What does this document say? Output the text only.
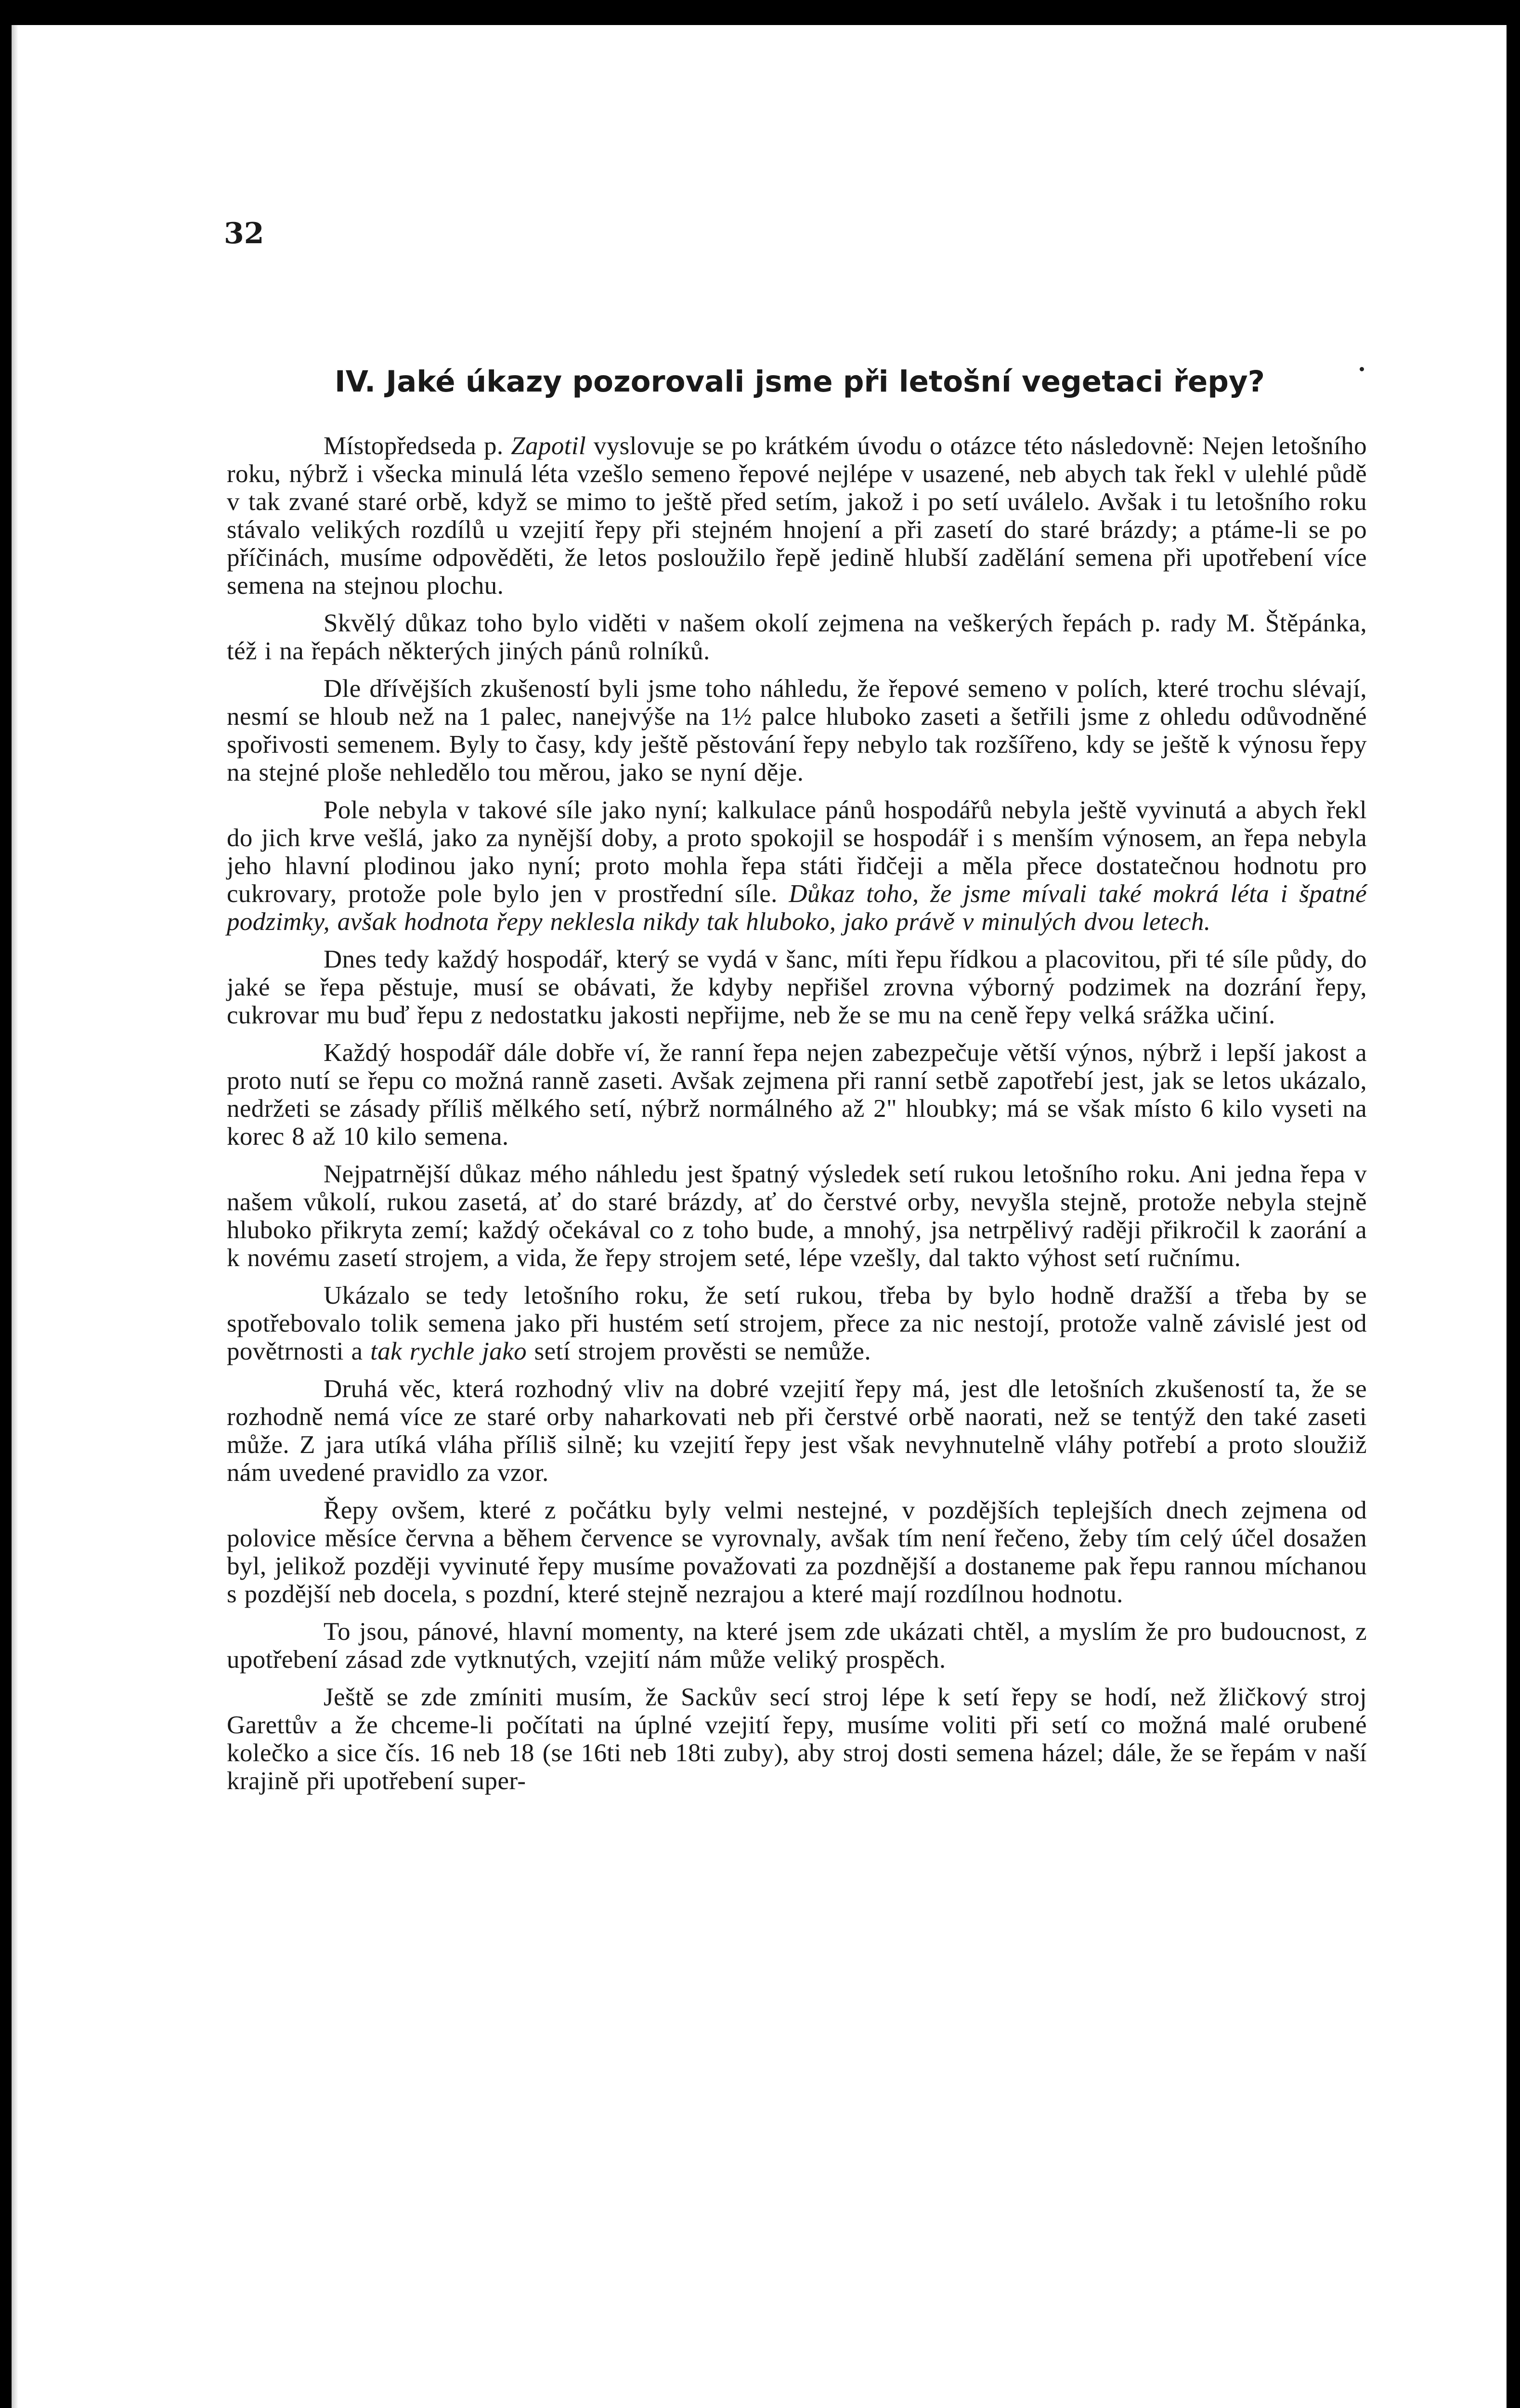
32
IV. Jaké úkazy pozorovali jsme při letošní vegetaci řepy?

Místopředseda p. Zapotil vyslovuje se po krátkém úvodu o otázce této následovně: Nejen letošního roku, nýbrž i všecka minulá léta vzešlo semeno řepové nejlépe v usazené, neb abych tak řekl v ulehlé půdě v tak zvané staré orbě, když se mimo to ještě před setím, jakož i po setí uválelo. Avšak i tu letošního roku stávalo velikých rozdílů u vzejití řepy při stejném hnojení a při zasetí do staré brázdy; a ptáme-li se po příčinách, musíme odpověděti, že letos posloužilo řepě jedině hlubší zadělání semena při upotřebení více semena na stejnou plochu.

Skvělý důkaz toho bylo viděti v našem okolí zejmena na veškerých řepách p. rady M. Štěpánka, též i na řepách některých jiných pánů rolníků.

Dle dřívějších zkušeností byli jsme toho náhledu, že řepové semeno v polích, které trochu slévají, nesmí se hloub než na 1 palec, nanejvýše na 1½ palce hluboko zaseti a šetřili jsme z ohledu odůvodněné spořivosti semenem. Byly to časy, kdy ještě pěstování řepy nebylo tak rozšířeno, kdy se ještě k výnosu řepy na stejné ploše nehledělo tou měrou, jako se nyní děje.

Pole nebyla v takové síle jako nyní; kalkulace pánů hospodářů nebyla ještě vyvinutá a abych řekl do jich krve vešlá, jako za nynější doby, a proto spokojil se hospodář i s menším výnosem, an řepa nebyla jeho hlavní plodinou jako nyní; proto mohla řepa státi řidčeji a měla přece dostatečnou hodnotu pro cukrovary, protože pole bylo jen v prostřední síle. Důkaz toho, že jsme mívali také mokrá léta i špatné podzimky, avšak hodnota řepy neklesla nikdy tak hluboko, jako právě v minulých dvou letech.

Dnes tedy každý hospodář, který se vydá v šanc, míti řepu řídkou a placovitou, při té síle půdy, do jaké se řepa pěstuje, musí se obávati, že kdyby nepřišel zrovna výborný podzimek na dozrání řepy, cukrovar mu buď řepu z nedostatku jakosti nepřijme, neb že se mu na ceně řepy velká srážka učiní.

Každý hospodář dále dobře ví, že ranní řepa nejen zabezpečuje větší výnos, nýbrž i lepší jakost a proto nutí se řepu co možná ranně zaseti. Avšak zejmena při ranní setbě zapotřebí jest, jak se letos ukázalo, nedržeti se zásady příliš mělkého setí, nýbrž normálného až 2" hloubky; má se však místo 6 kilo vyseti na korec 8 až 10 kilo semena.

Nejpatrnější důkaz mého náhledu jest špatný výsledek setí rukou letošního roku. Ani jedna řepa v našem vůkolí, rukou zasetá, ať do staré brázdy, ať do čerstvé orby, nevyšla stejně, protože nebyla stejně hluboko přikryta zemí; každý očekával co z toho bude, a mnohý, jsa netrpělivý raději přikročil k zaorání a k novému zasetí strojem, a vida, že řepy strojem seté, lépe vzešly, dal takto výhost setí ručnímu.

Ukázalo se tedy letošního roku, že setí rukou, třeba by bylo hodně dražší a třeba by se spotřebovalo tolik semena jako při hustém setí strojem, přece za nic nestojí, protože valně závislé jest od povětrnosti a tak rychle jako setí strojem prověsti se nemůže.

Druhá věc, která rozhodný vliv na dobré vzejití řepy má, jest dle letošních zkušeností ta, že se rozhodně nemá více ze staré orby naharkovati neb při čerstvé orbě naorati, než se tentýž den také zaseti může. Z jara utíká vláha příliš silně; ku vzejití řepy jest však nevyhnutelně vláhy potřebí a proto sloužiž nám uvedené pravidlo za vzor.

Řepy ovšem, které z počátku byly velmi nestejné, v pozdějších teplejších dnech zejmena od polovice měsíce června a během července se vyrovnaly, avšak tím není řečeno, žeby tím celý účel dosažen byl, jelikož později vyvinuté řepy musíme považovati za pozdnější a dostaneme pak řepu rannou míchanou s pozdější neb docela, s pozdní, které stejně nezrajou a které mají rozdílnou hodnotu.

To jsou, pánové, hlavní momenty, na které jsem zde ukázati chtěl, a myslím že pro budoucnost, z upotřebení zásad zde vytknutých, vzejití nám může veliký prospěch.

Ještě se zde zmíniti musím, že Sackův secí stroj lépe k setí řepy se hodí, než žličkový stroj Garettův a že chceme-li počítati na úplné vzejití řepy, musíme voliti při setí co možná malé orubené kolečko a sice čís. 16 neb 18 (se 16ti neb 18ti zuby), aby stroj dosti semena házel; dále, že se řepám v naší krajině při upotřebení super-
